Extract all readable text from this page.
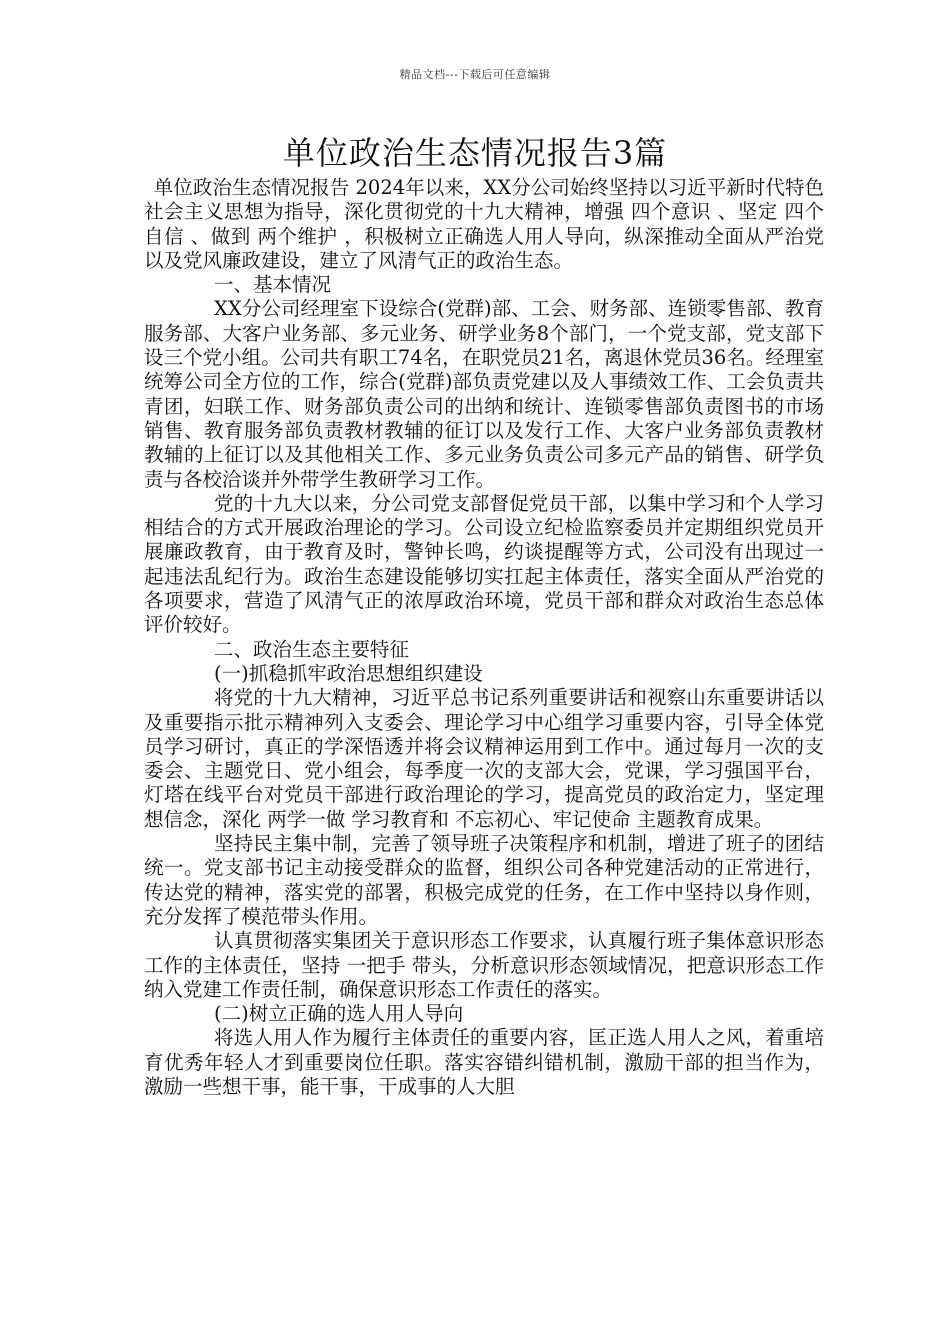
精品文档---下载后可任意编辑
单位政治生态情况报告3篇

单位政治生态情况报告 2024年以来，XX分公司始终坚持以习近平新时代特色社会主义思想为指导，深化贯彻党的十九大精神，增强 四个意识 、坚定 四个自信 、做到 两个维护 ，积极树立正确选人用人导向，纵深推动全面从严治党以及党风廉政建设，建立了风清气正的政治生态。

一、基本情况

XX分公司经理室下设综合(党群)部、工会、财务部、连锁零售部、教育服务部、大客户业务部、多元业务、研学业务8个部门，一个党支部，党支部下设三个党小组。公司共有职工74名，在职党员21名，离退休党员36名。经理室统筹公司全方位的工作，综合(党群)部负责党建以及人事绩效工作、工会负责共青团，妇联工作、财务部负责公司的出纳和统计、连锁零售部负责图书的市场销售、教育服务部负责教材教辅的征订以及发行工作、大客户业务部负责教材教辅的上征订以及其他相关工作、多元业务负责公司多元产品的销售、研学负责与各校洽谈并外带学生教研学习工作。

党的十九大以来，分公司党支部督促党员干部，以集中学习和个人学习相结合的方式开展政治理论的学习。公司设立纪检监察委员并定期组织党员开展廉政教育，由于教育及时，警钟长鸣，约谈提醒等方式，公司没有出现过一起违法乱纪行为。政治生态建设能够切实扛起主体责任，落实全面从严治党的各项要求，营造了风清气正的浓厚政治环境，党员干部和群众对政治生态总体评价较好。

二、政治生态主要特征

(一)抓稳抓牢政治思想组织建设

将党的十九大精神，习近平总书记系列重要讲话和视察山东重要讲话以及重要指示批示精神列入支委会、理论学习中心组学习重要内容，引导全体党员学习研讨，真正的学深悟透并将会议精神运用到工作中。通过每月一次的支委会、主题党日、党小组会，每季度一次的支部大会，党课，学习强国平台，灯塔在线平台对党员干部进行政治理论的学习，提高党员的政治定力，坚定理想信念，深化 两学一做 学习教育和 不忘初心、牢记使命 主题教育成果。

坚持民主集中制，完善了领导班子决策程序和机制，增进了班子的团结统一。党支部书记主动接受群众的监督，组织公司各种党建活动的正常进行，传达党的精神，落实党的部署，积极完成党的任务，在工作中坚持以身作则，充分发挥了模范带头作用。

认真贯彻落实集团关于意识形态工作要求，认真履行班子集体意识形态工作的主体责任，坚持 一把手 带头，分析意识形态领域情况，把意识形态工作纳入党建工作责任制，确保意识形态工作责任的落实。

(二)树立正确的选人用人导向

将选人用人作为履行主体责任的重要内容，匡正选人用人之风，着重培育优秀年轻人才到重要岗位任职。落实容错纠错机制，激励干部的担当作为，激励一些想干事，能干事，干成事的人大胆
